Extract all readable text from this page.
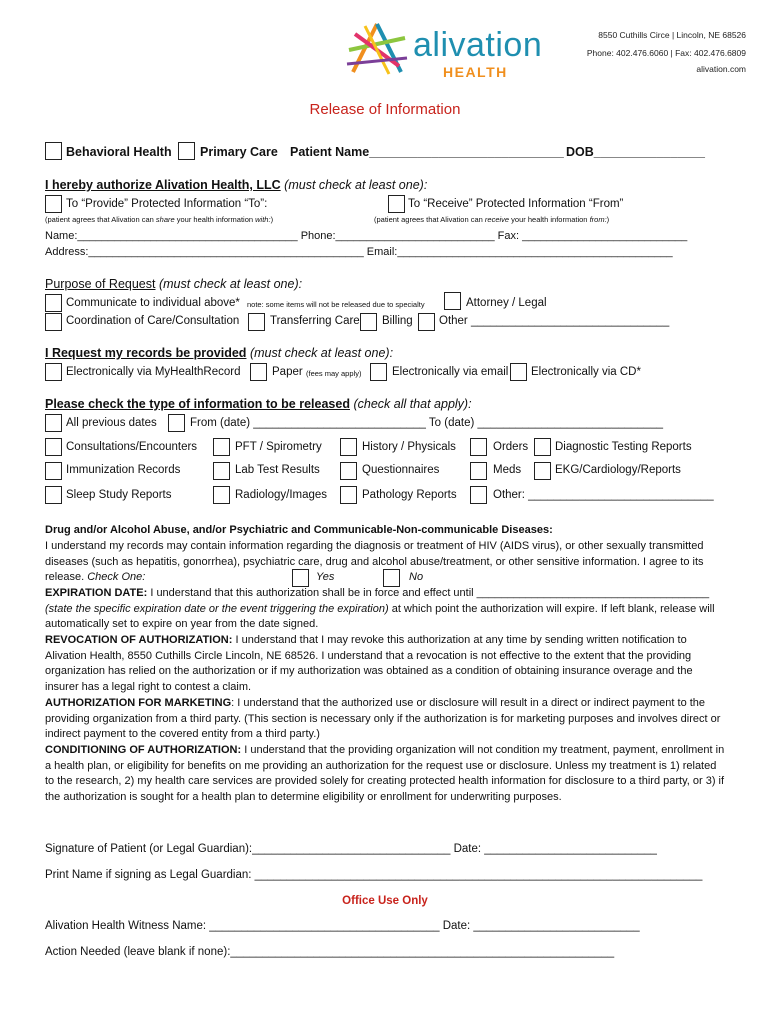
alivation
HEALTH
8550 Cuthills Circe | Lincoln, NE 68526
Phone: 402.476.6060 | Fax: 402.476.6809
alivation.com
Release of Information
Behavioral Health Primary Care Patient Name____________________________ DOB________________
I hereby authorize Alivation Health, LLC (must check at least one):
To “Provide” Protected Information “To”:	To “Receive” Protected Information “From”
(patient agrees that Alivation can share your health information with:)	(patient agrees that Alivation can receive your health information from:)
Name:____________________________________ Phone:__________________________ Fax: ___________________________
Address:_____________________________________________ Email:_____________________________________________
Purpose of Request (must check at least one):
Communicate to individual above* note: some items will not be released due to specialty	Attorney / Legal
Coordination of Care/Consultation	Transferring Care Billing Other _______________________________
I Request my records be provided (must check at least one):
Electronically via MyHealthRecord	Paper (fees may apply)	Electronically via email Electronically via CD*
Please check the type of information to be released (check all that apply):
All previous dates	From (date) ___________________________ To (date) _____________________________
Consultations/Encounters	PFT / Spirometry	History / Physicals	Orders Diagnostic Testing Reports
Immunization Records	Lab Test Results	Questionnaires	Meds	EKG/Cardiology/Reports
Sleep Study Reports	Radiology/Images	Pathology Reports	Other: _____________________________
Drug and/or Alcohol Abuse, and/or Psychiatric and Communicable-Non-communicable Diseases:
I understand my records may contain information regarding the diagnosis or treatment of HIV (AIDS virus), or other sexually transmitted diseases (such as hepatitis, gonorrhea), psychiatric care, drug and alcohol abuse/treatment, or other sensitive information. I agree to its release. Check One:	Yes	No
EXPIRATION DATE: I understand that this authorization shall be in force and effect until ______________________________________ (state the specific expiration date or the event triggering the expiration) at which point the authorization will expire. If left blank, release will automatically set to expire on year from the date signed.
REVOCATION OF AUTHORIZATION: I understand that I may revoke this authorization at any time by sending written notification to Alivation Health, 8550 Cuthills Circle Lincoln, NE 68526. I understand that a revocation is not effective to the extent that the providing organization has relied on the authorization or if my authorization was obtained as a condition of obtaining insurance overage and the insurer has a legal right to contest a claim.
AUTHORIZATION FOR MARKETING: I understand that the authorized use or disclosure will result in a direct or indirect payment to the providing organization from a third party. (This section is necessary only if the authorization is for marketing purposes and involves direct or indirect payment to the covered entity from a third party.)
CONDITIONING OF AUTHORIZATION: I understand that the providing organization will not condition my treatment, payment, enrollment in a health plan, or eligibility for benefits on me providing an authorization for the request use or disclosure. Unless my treatment is 1) related to the research, 2) my health care services are provided solely for creating protected health information for disclosure to a third party, or 3) if the authorization is sought for a health plan to determine eligibility or enrollment for underwriting purposes.
Signature of Patient (or Legal Guardian):_______________________________ Date: ___________________________
Print Name if signing as Legal Guardian: ______________________________________________________________________
Office Use Only
Alivation Health Witness Name: ____________________________________ Date: __________________________
Action Needed (leave blank if none):____________________________________________________________
